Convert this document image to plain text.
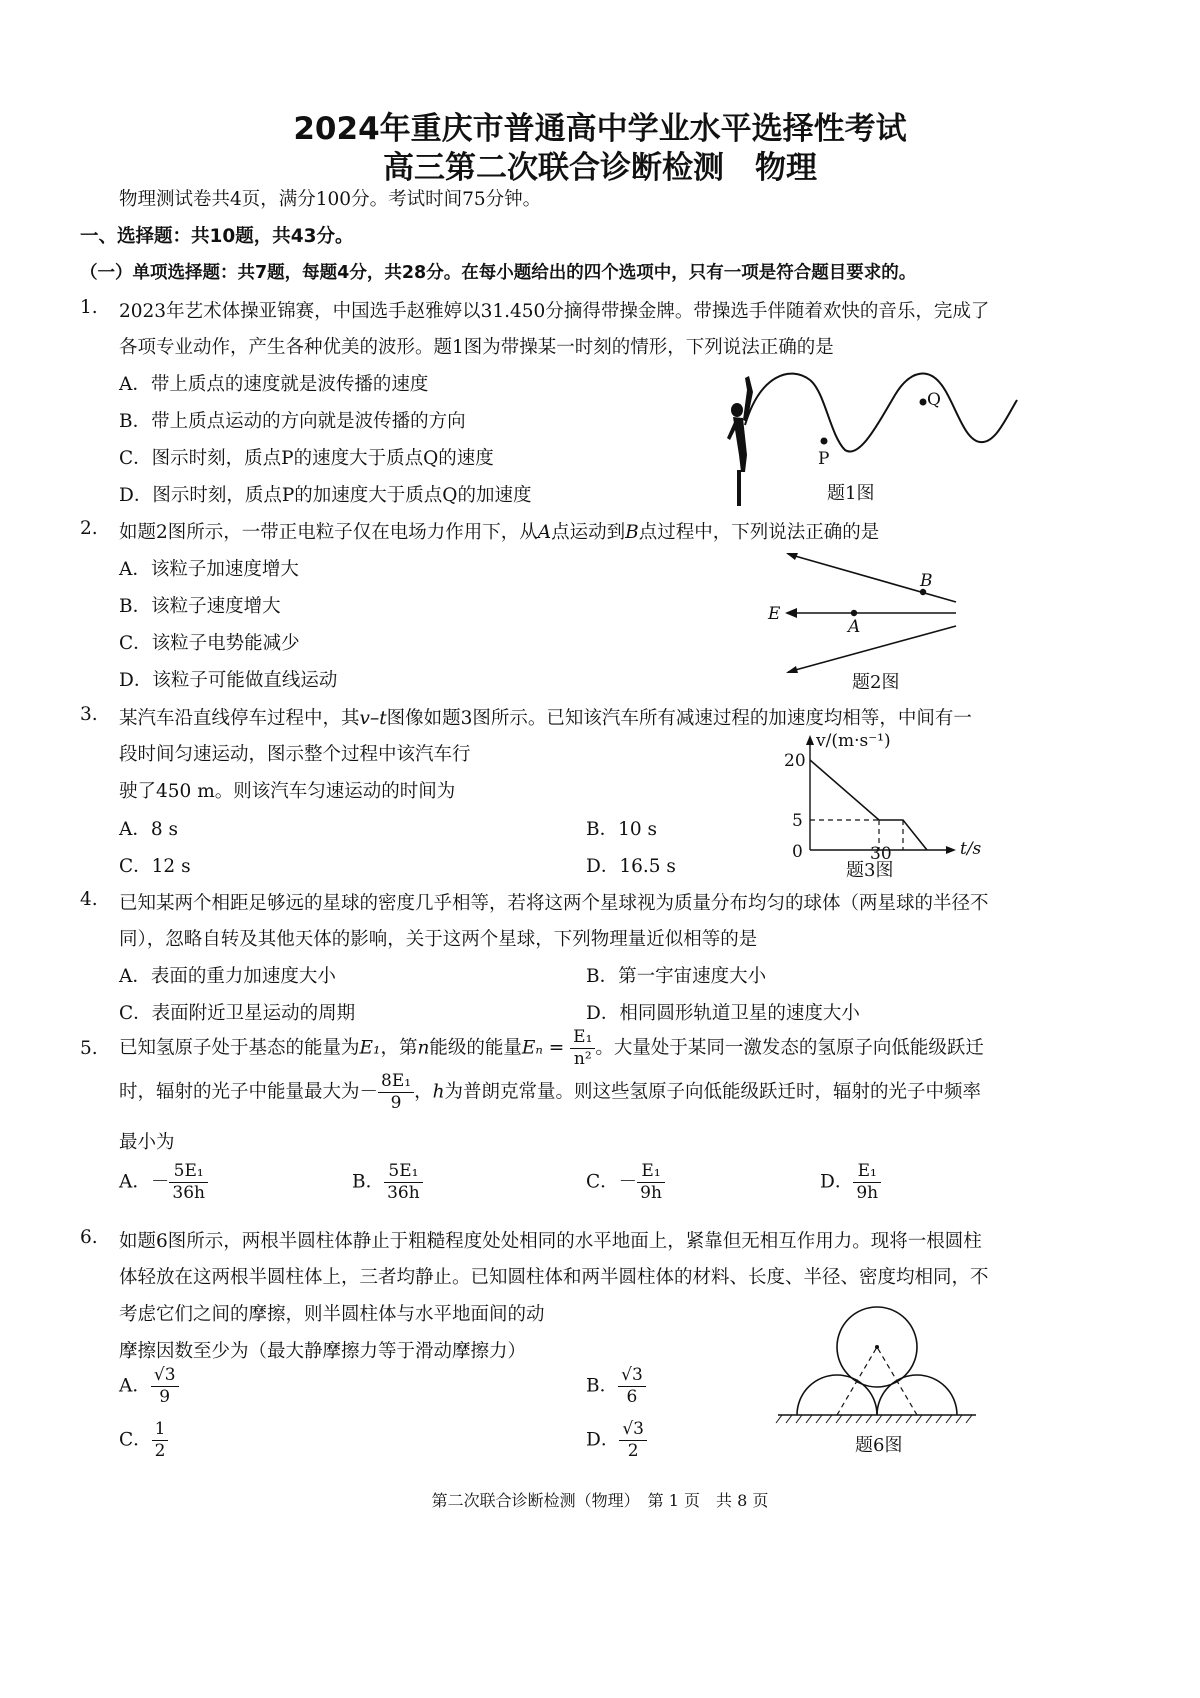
2024年重庆市普通高中学业水平选择性考试
高三第二次联合诊断检测　物理
物理测试卷共4页，满分100分。考试时间75分钟。
一、选择题：共10题，共43分。
（一）单项选择题：共7题，每题4分，共28分。在每小题给出的四个选项中，只有一项是符合题目要求的。
1. 2023年艺术体操亚锦赛，中国选手赵雅婷以31.450分摘得带操金牌。带操选手伴随着欢快的音乐，完成了
各项专业动作，产生各种优美的波形。题1图为带操某一时刻的情形，下列说法正确的是
A．带上质点的速度就是波传播的速度
B．带上质点运动的方向就是波传播的方向
C．图示时刻，质点P的速度大于质点Q的速度
D．图示时刻，质点P的加速度大于质点Q的加速度
P
Q
题1图
2. 如题2图所示，一带正电粒子仅在电场力作用下，从A点运动到B点过程中，下列说法正确的是
A．该粒子加速度增大
B．该粒子速度增大
C．该粒子电势能减少
D．该粒子可能做直线运动
B
A
E
题2图
3. 某汽车沿直线停车过程中，其v–t图像如题3图所示。已知该汽车所有减速过程的加速度均相等，中间有一
段时间匀速运动，图示整个过程中该汽车行
驶了450 m。则该汽车匀速运动的时间为
A．8 s	B．10 s
C．12 s	D．16.5 s
20
5
0	30
v/(m·s⁻¹)
t/s
题3图
4. 已知某两个相距足够远的星球的密度几乎相等，若将这两个星球视为质量分布均匀的球体（两星球的半径不
同），忽略自转及其他天体的影响，关于这两个星球，下列物理量近似相等的是
A．表面的重力加速度大小	B．第一宇宙速度大小
C．表面附近卫星运动的周期	D．相同圆形轨道卫星的速度大小
5. 已知氢原子处于基态的能量为E₁，第n能级的能量$E_n = \frac{\text{E₁}}{\text{n²}}$ 。大量处于某同一激发态的氢原子向低能级跃迁
时，辐射的光子中能量最大为－ $\frac{\text{8E₁}}{9}$ ，h为普朗克常量。则这些氢原子向低能级跃迁时，辐射的光子中频率
最小为
A．－ $\frac{\text{5E₁}}{36h}$	B． $\frac{\text{5E₁}}{36h}$	C．－ $\frac{\text{E₁}}{9h}$	D． $\frac{\text{E₁}}{9h}$
6. 如题6图所示，两根半圆柱体静止于粗糙程度处处相同的水平地面上，紧靠但无相互作用力。现将一根圆柱
体轻放在这两根半圆柱体上，三者均静止。已知圆柱体和两半圆柱体的材料、长度、半径、密度均相同，不
考虑它们之间的摩擦，则半圆柱体与水平地面间的动
摩擦因数至少为（最大静摩擦力等于滑动摩擦力）
A． $\frac{√3}{9}$	B． $\frac{√3}{6}$
C． $\frac{1}{2}$	D． $\frac{√3}{2}$	题6图
第二次联合诊断检测（物理）　第 1 页　共 8 页
